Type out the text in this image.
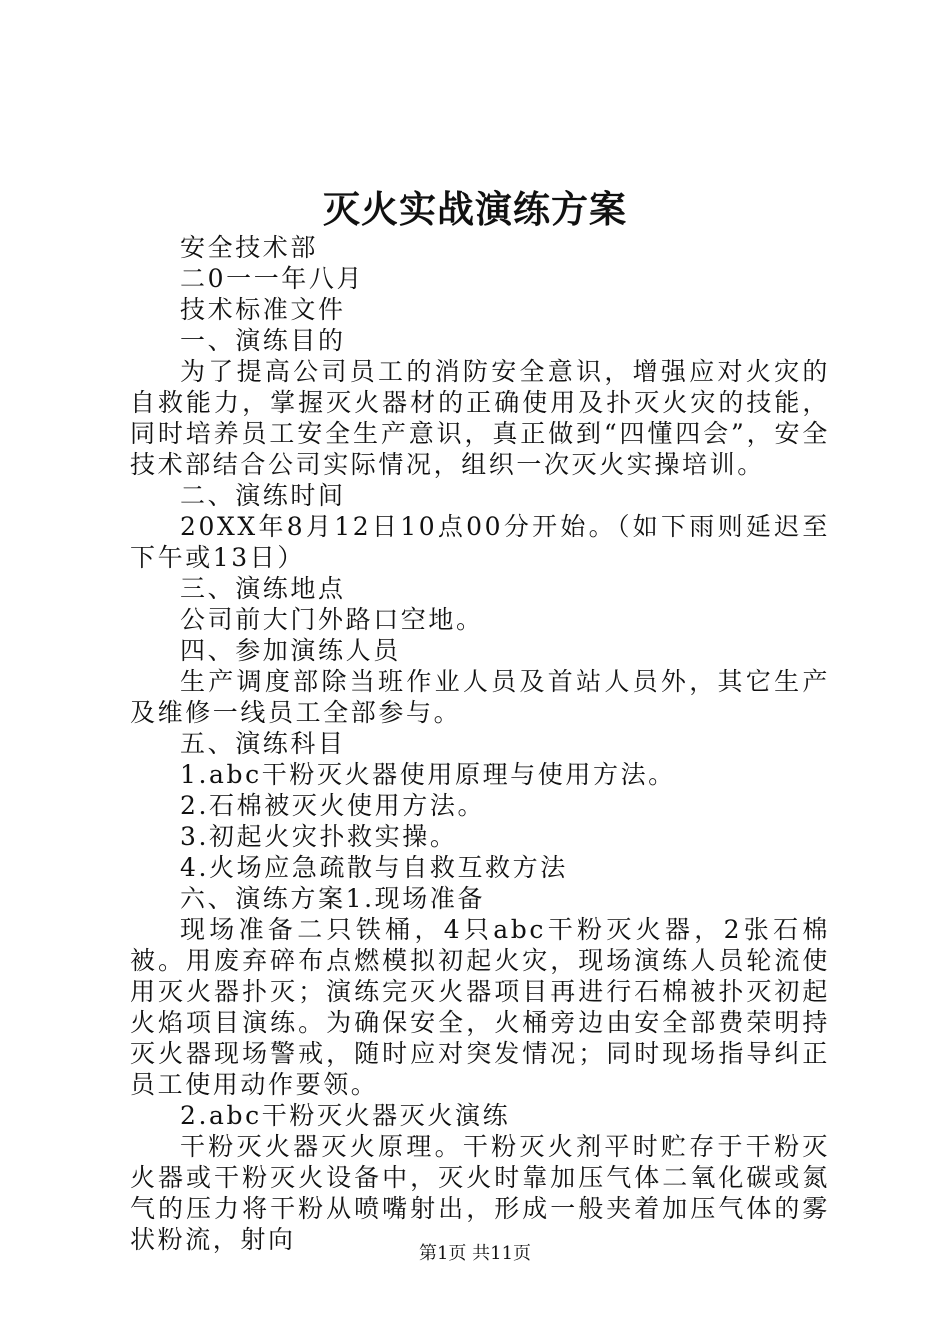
灭火实战演练方案

安全技术部

二0一一年八月

技术标准文件

一、演练目的

为了提高公司员工的消防安全意识，增强应对火灾的自救能力，掌握灭火器材的正确使用及扑灭火灾的技能，同时培养员工安全生产意识，真正做到“四懂四会”，安全技术部结合公司实际情况，组织一次灭火实操培训。

二、演练时间

20XX年8月12日10点00分开始。（如下雨则延迟至下午或13日）

三、演练地点

公司前大门外路口空地。

四、参加演练人员

生产调度部除当班作业人员及首站人员外，其它生产及维修一线员工全部参与。

五、演练科目

1.abc干粉灭火器使用原理与使用方法。

2.石棉被灭火使用方法。

3.初起火灾扑救实操。

4.火场应急疏散与自救互救方法

六、演练方案1.现场准备

现场准备二只铁桶，4只abc干粉灭火器，2张石棉被。用废弃碎布点燃模拟初起火灾，现场演练人员轮流使用灭火器扑灭；演练完灭火器项目再进行石棉被扑灭初起火焰项目演练。为确保安全，火桶旁边由安全部费荣明持灭火器现场警戒，随时应对突发情况；同时现场指导纠正员工使用动作要领。

2.abc干粉灭火器灭火演练

干粉灭火器灭火原理。干粉灭火剂平时贮存于干粉灭火器或干粉灭火设备中，灭火时靠加压气体二氧化碳或氮气的压力将干粉从喷嘴射出，形成一般夹着加压气体的雾状粉流，射向	第1页 共11页
